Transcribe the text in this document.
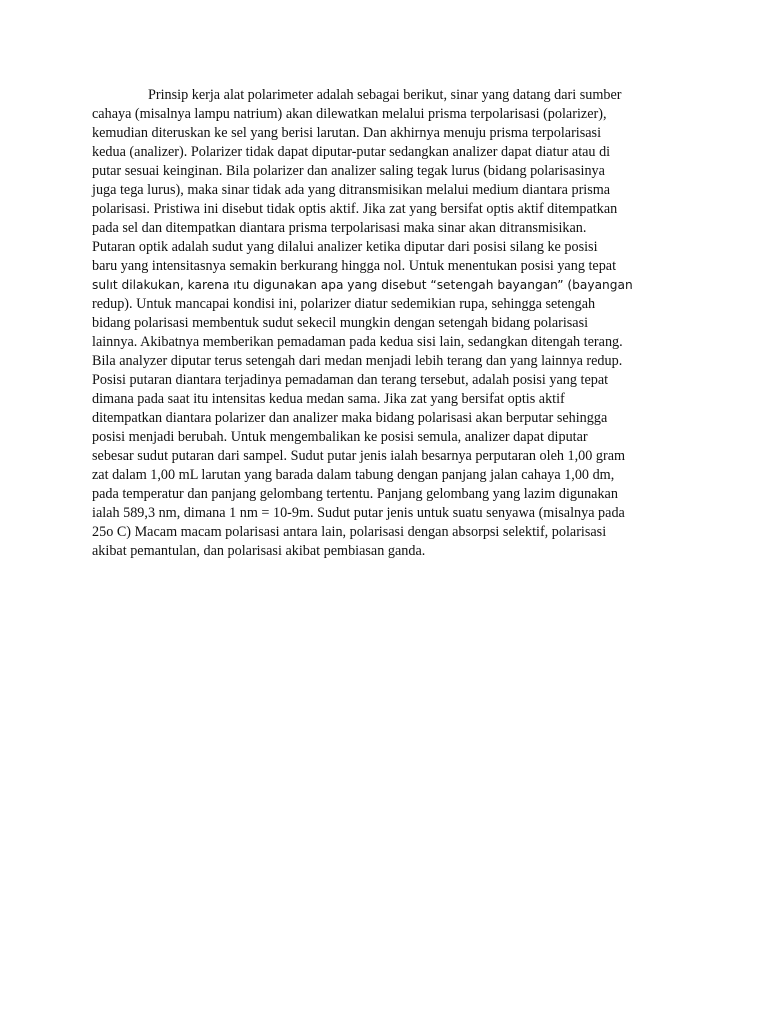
Prinsip kerja alat polarimeter adalah sebagai berikut, sinar yang datang dari sumber
cahaya (misalnya lampu natrium) akan dilewatkan melalui prisma terpolarisasi (polarizer),
kemudian diteruskan ke sel yang berisi larutan. Dan akhirnya menuju prisma terpolarisasi
kedua (analizer). Polarizer tidak dapat diputar-putar sedangkan analizer dapat diatur atau di
putar sesuai keinginan. Bila polarizer dan analizer saling tegak lurus (bidang polarisasinya
juga tega lurus), maka sinar tidak ada yang ditransmisikan melalui medium diantara prisma
polarisasi. Pristiwa ini disebut tidak optis aktif. Jika zat yang bersifat optis aktif ditempatkan
pada sel dan ditempatkan diantara prisma terpolarisasi maka sinar akan ditransmisikan.
Putaran optik adalah sudut yang dilalui analizer ketika diputar dari posisi silang ke posisi
baru yang intensitasnya semakin berkurang hingga nol. Untuk menentukan posisi yang tepat
sulıt dilakukan, karena ıtu digunakan apa yang disebut “setengah bayangan” (bayangan
redup). Untuk mancapai kondisi ini, polarizer diatur sedemikian rupa, sehingga setengah
bidang polarisasi membentuk sudut sekecil mungkin dengan setengah bidang polarisasi
lainnya. Akibatnya memberikan pemadaman pada kedua sisi lain, sedangkan ditengah terang.
Bila analyzer diputar terus setengah dari medan menjadi lebih terang dan yang lainnya redup.
Posisi putaran diantara terjadinya pemadaman dan terang tersebut, adalah posisi yang tepat
dimana pada saat itu intensitas kedua medan sama. Jika zat yang bersifat optis aktif
ditempatkan diantara polarizer dan analizer maka bidang polarisasi akan berputar sehingga
posisi menjadi berubah. Untuk mengembalikan ke posisi semula, analizer dapat diputar
sebesar sudut putaran dari sampel. Sudut putar jenis ialah besarnya perputaran oleh 1,00 gram
zat dalam 1,00 mL larutan yang barada dalam tabung dengan panjang jalan cahaya 1,00 dm,
pada temperatur dan panjang gelombang tertentu. Panjang gelombang yang lazim digunakan
ialah 589,3 nm, dimana 1 nm = 10-9m. Sudut putar jenis untuk suatu senyawa (misalnya pada
25o C) Macam macam polarisasi antara lain, polarisasi dengan absorpsi selektif, polarisasi
akibat pemantulan, dan polarisasi akibat pembiasan ganda.
